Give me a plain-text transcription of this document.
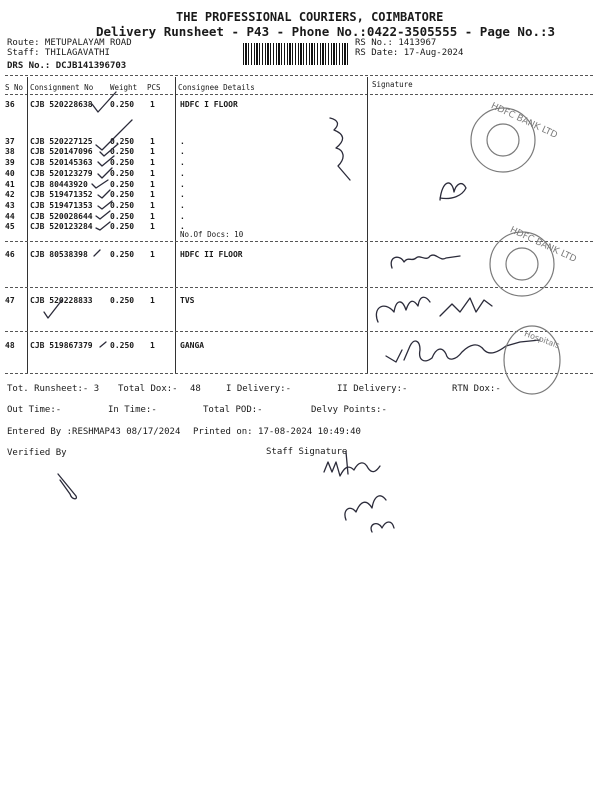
THE PROFESSIONAL COURIERS, COIMBATORE
Delivery Runsheet - P43 - Phone No.:0422-3505555 - Page No.:3
Route: METUPALAYAM ROAD
Staff: THILAGAVATHI
DRS No.: DCJB141396703
RS No.: 1413967
RS Date: 17-Aug-2024
S No Consignment No Weight PCS Consignee Details	Signature
36 CJB 520228638 0.250 1	HDFC I FLOOR
37 CJB 520227125 0.250 1	.
38 CJB 520147096 0.250 1	.
39 CJB 520145363 0.250 1	.
40 CJB 520123279 0.250 1	.
41 CJB 80443920	0.250 1	.
42 CJB 519471352 0.250 1	.
43 CJB 519471353 0.250 1	.
44 CJB 520028644 0.250 1	.
45 CJB 520123284 0.250 1	.
46 CJB 80538398	0.250 1	HDFC II FLOOR
47 CJB 520228833 0.250 1	TVS
48 CJB 519867379 0.250 1	GANGA
No.Of Docs: 10
Tot. Runsheet:- 3 Total Dox:- 48	I Delivery:-	II Delivery:-	RTN Dox:-
Out Time:-	In Time:-	Total POD:-	Delvy Points:-
Entered By :RESHMAP43 08/17/2024 Printed on: 17-08-2024 10:49:40
Verified By	Staff Signature
HDFC BANK LTD
HDFC BANK LTD
Hospitals
